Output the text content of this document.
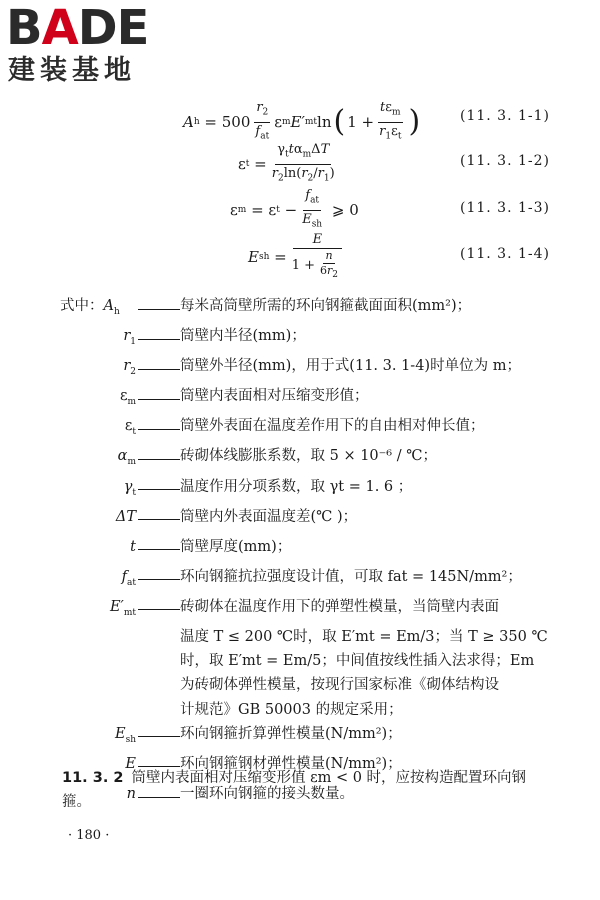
BADE
建装基地
A $h = 500 \frac{r_2}{f_{at}}$ ε m E′ mt ln ( $1 + \frac{t\varepsilon_m}{r_1\varepsilon_t}$ )	(11. 3. 1-1)
ε $t = \frac{\gamma_tt\alpha_m\Delta T}{r_2\ln(r_2/r_1)}$	(11. 3. 1-2)
ε m = ε $t - \frac{f_{at}}{E_{sh}}$ ⩾ 0	(11. 3. 1-3)
E sh = $\frac{E}{1 + \frac{n}{6r_2}}$	(11. 3. 1-4)
式中：$A_h$	每米高筒壁所需的环向钢箍截面面积(mm²)；
$r_1$	筒壁内半径(mm)；
$r_2$	筒壁外半径(mm)，用于式(11. 3. 1-4)时单位为 m；
$\varepsilon_m$	筒壁内表面相对压缩变形值；
$\varepsilon_t$	筒壁外表面在温度差作用下的自由相对伸长值；
$\alpha_m$	砖砌体线膨胀系数，取 5 × 10⁻⁶ / ℃；
$\gamma_t$	温度作用分项系数，取 γt = 1. 6 ；
ΔT	筒壁内外表面温度差(℃ )；
t	筒壁厚度(mm)；
$f_{at}$	环向钢箍抗拉强度设计值，可取 fat = 145N/mm²；
$E'_{mt}$	砖砌体在温度作用下的弹塑性模量，当筒壁内表面
温度 T ≤ 200 ℃时，取 E′mt = Em/3；当 T ≥ 350 ℃
时，取 E′mt = Em/5；中间值按线性插入法求得；Em
为砖砌体弹性模量，按现行国家标准《砌体结构设
计规范》GB 50003 的规定采用；
$E_{sh}$	环向钢箍折算弹性模量(N/mm²)；
E	环向钢箍钢材弹性模量(N/mm²)；
n	一圈环向钢箍的接头数量。
11. 3. 2 筒壁内表面相对压缩变形值 εm < 0 时，应按构造配置环向钢箍。
· 180 ·
